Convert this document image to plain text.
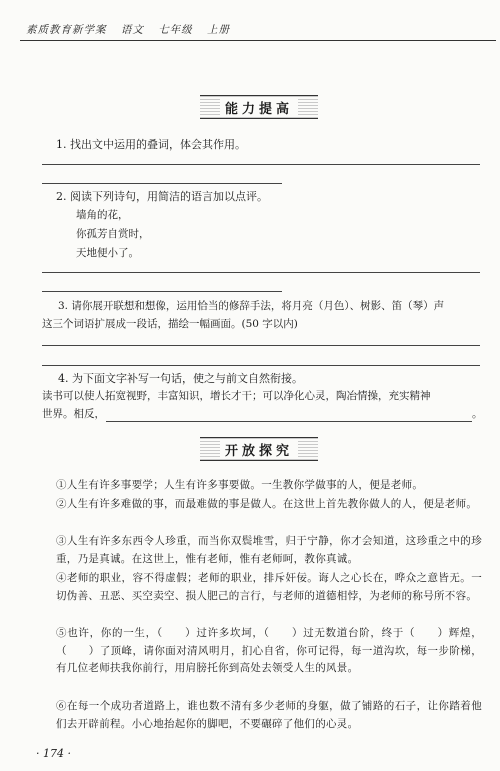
素质教育新学案 语文 七年级 上册
能力提高
1. 找出文中运用的叠词，体会其作用。
2. 阅读下列诗句，用简洁的语言加以点评。
墙角的花，
你孤芳自赏时，
天地便小了。
3. 请你展开联想和想像，运用恰当的修辞手法，将月亮（月色）、树影、笛（琴）声
这三个词语扩展成一段话，描绘一幅画面。(50 字以内)
4. 为下面文字补写一句话，使之与前文自然衔接。
读书可以使人拓宽视野，丰富知识，增长才干；可以净化心灵，陶冶情操，充实精神
世界。相反，	。
开放探究
①人生有许多事要学；人生有许多事要做。一生教你学做事的人，便是老师。
②人生有许多难做的事，而最难做的事是做人。在这世上首先教你做人的人，便是老师。
③人生有许多东西令人珍重，而当你双鬓堆雪，归于宁静，你才会知道，这珍重之中的珍重，乃是真诚。在这世上，惟有老师，惟有老师呵，教你真诚。
④老师的职业，容不得虚假；老师的职业，排斥奸佞。诲人之心长在，哗众之意皆无。一切伪善、丑恶、买空卖空、损人肥己的言行，与老师的道德相悖，为老师的称号所不容。
⑤也许，你的一生，（　　）过许多坎坷，（　　）过无数道台阶，终于（　　）辉煌，（　　）了顶峰，请你面对清风明月，扪心自省，你可记得，每一道沟坎，每一步阶梯，有几位老师扶我你前行，用肩膀托你到高处去领受人生的风景。
⑥在每一个成功者道路上，谁也数不清有多少老师的身躯，做了铺路的石子，让你踏着他们去开辟前程。小心地抬起你的脚吧，不要碾碎了他们的心灵。
· 174 ·
